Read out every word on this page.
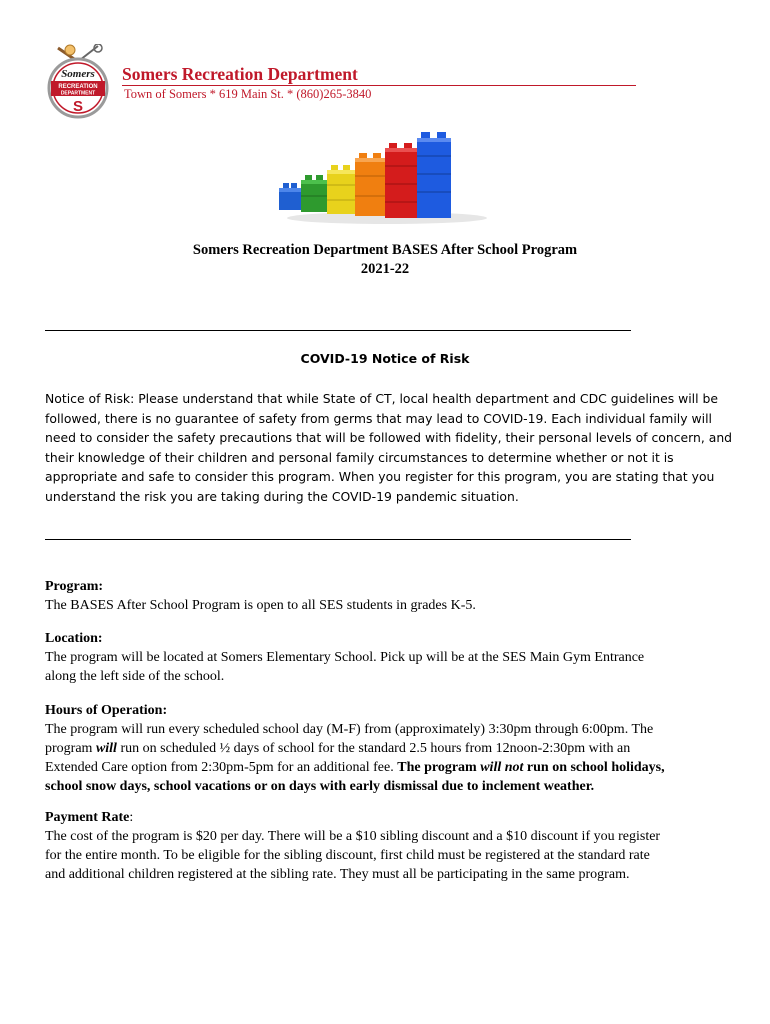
Somers
RECREATION
DEPARTMENT
S
Somers Recreation Department
Town of Somers * 619 Main St. * (860)265-3840
Somers Recreation Department BASES After School Program
2021-22
COVID-19 Notice of Risk
Notice of Risk: Please understand that while State of CT, local health department and CDC guidelines will be
followed, there is no guarantee of safety from germs that may lead to COVID-19. Each individual family will
need to consider the safety precautions that will be followed with fidelity, their personal levels of concern, and
their knowledge of their children and personal family circumstances to determine whether or not it is
appropriate and safe to consider this program. When you register for this program, you are stating that you
understand the risk you are taking during the COVID-19 pandemic situation.
Program:
The BASES After School Program is open to all SES students in grades K-5.
Location:
The program will be located at Somers Elementary School. Pick up will be at the SES Main Gym Entrance
along the left side of the school.
Hours of Operation:
The program will run every scheduled school day (M-F) from (approximately) 3:30pm through 6:00pm. The
program will run on scheduled ½ days of school for the standard 2.5 hours from 12noon-2:30pm with an
Extended Care option from 2:30pm-5pm for an additional fee. The program will not run on school holidays,
school snow days, school vacations or on days with early dismissal due to inclement weather.
Payment Rate:
The cost of the program is $20 per day. There will be a $10 sibling discount and a $10 discount if you register
for the entire month. To be eligible for the sibling discount, first child must be registered at the standard rate
and additional children registered at the sibling rate. They must all be participating in the same program.
